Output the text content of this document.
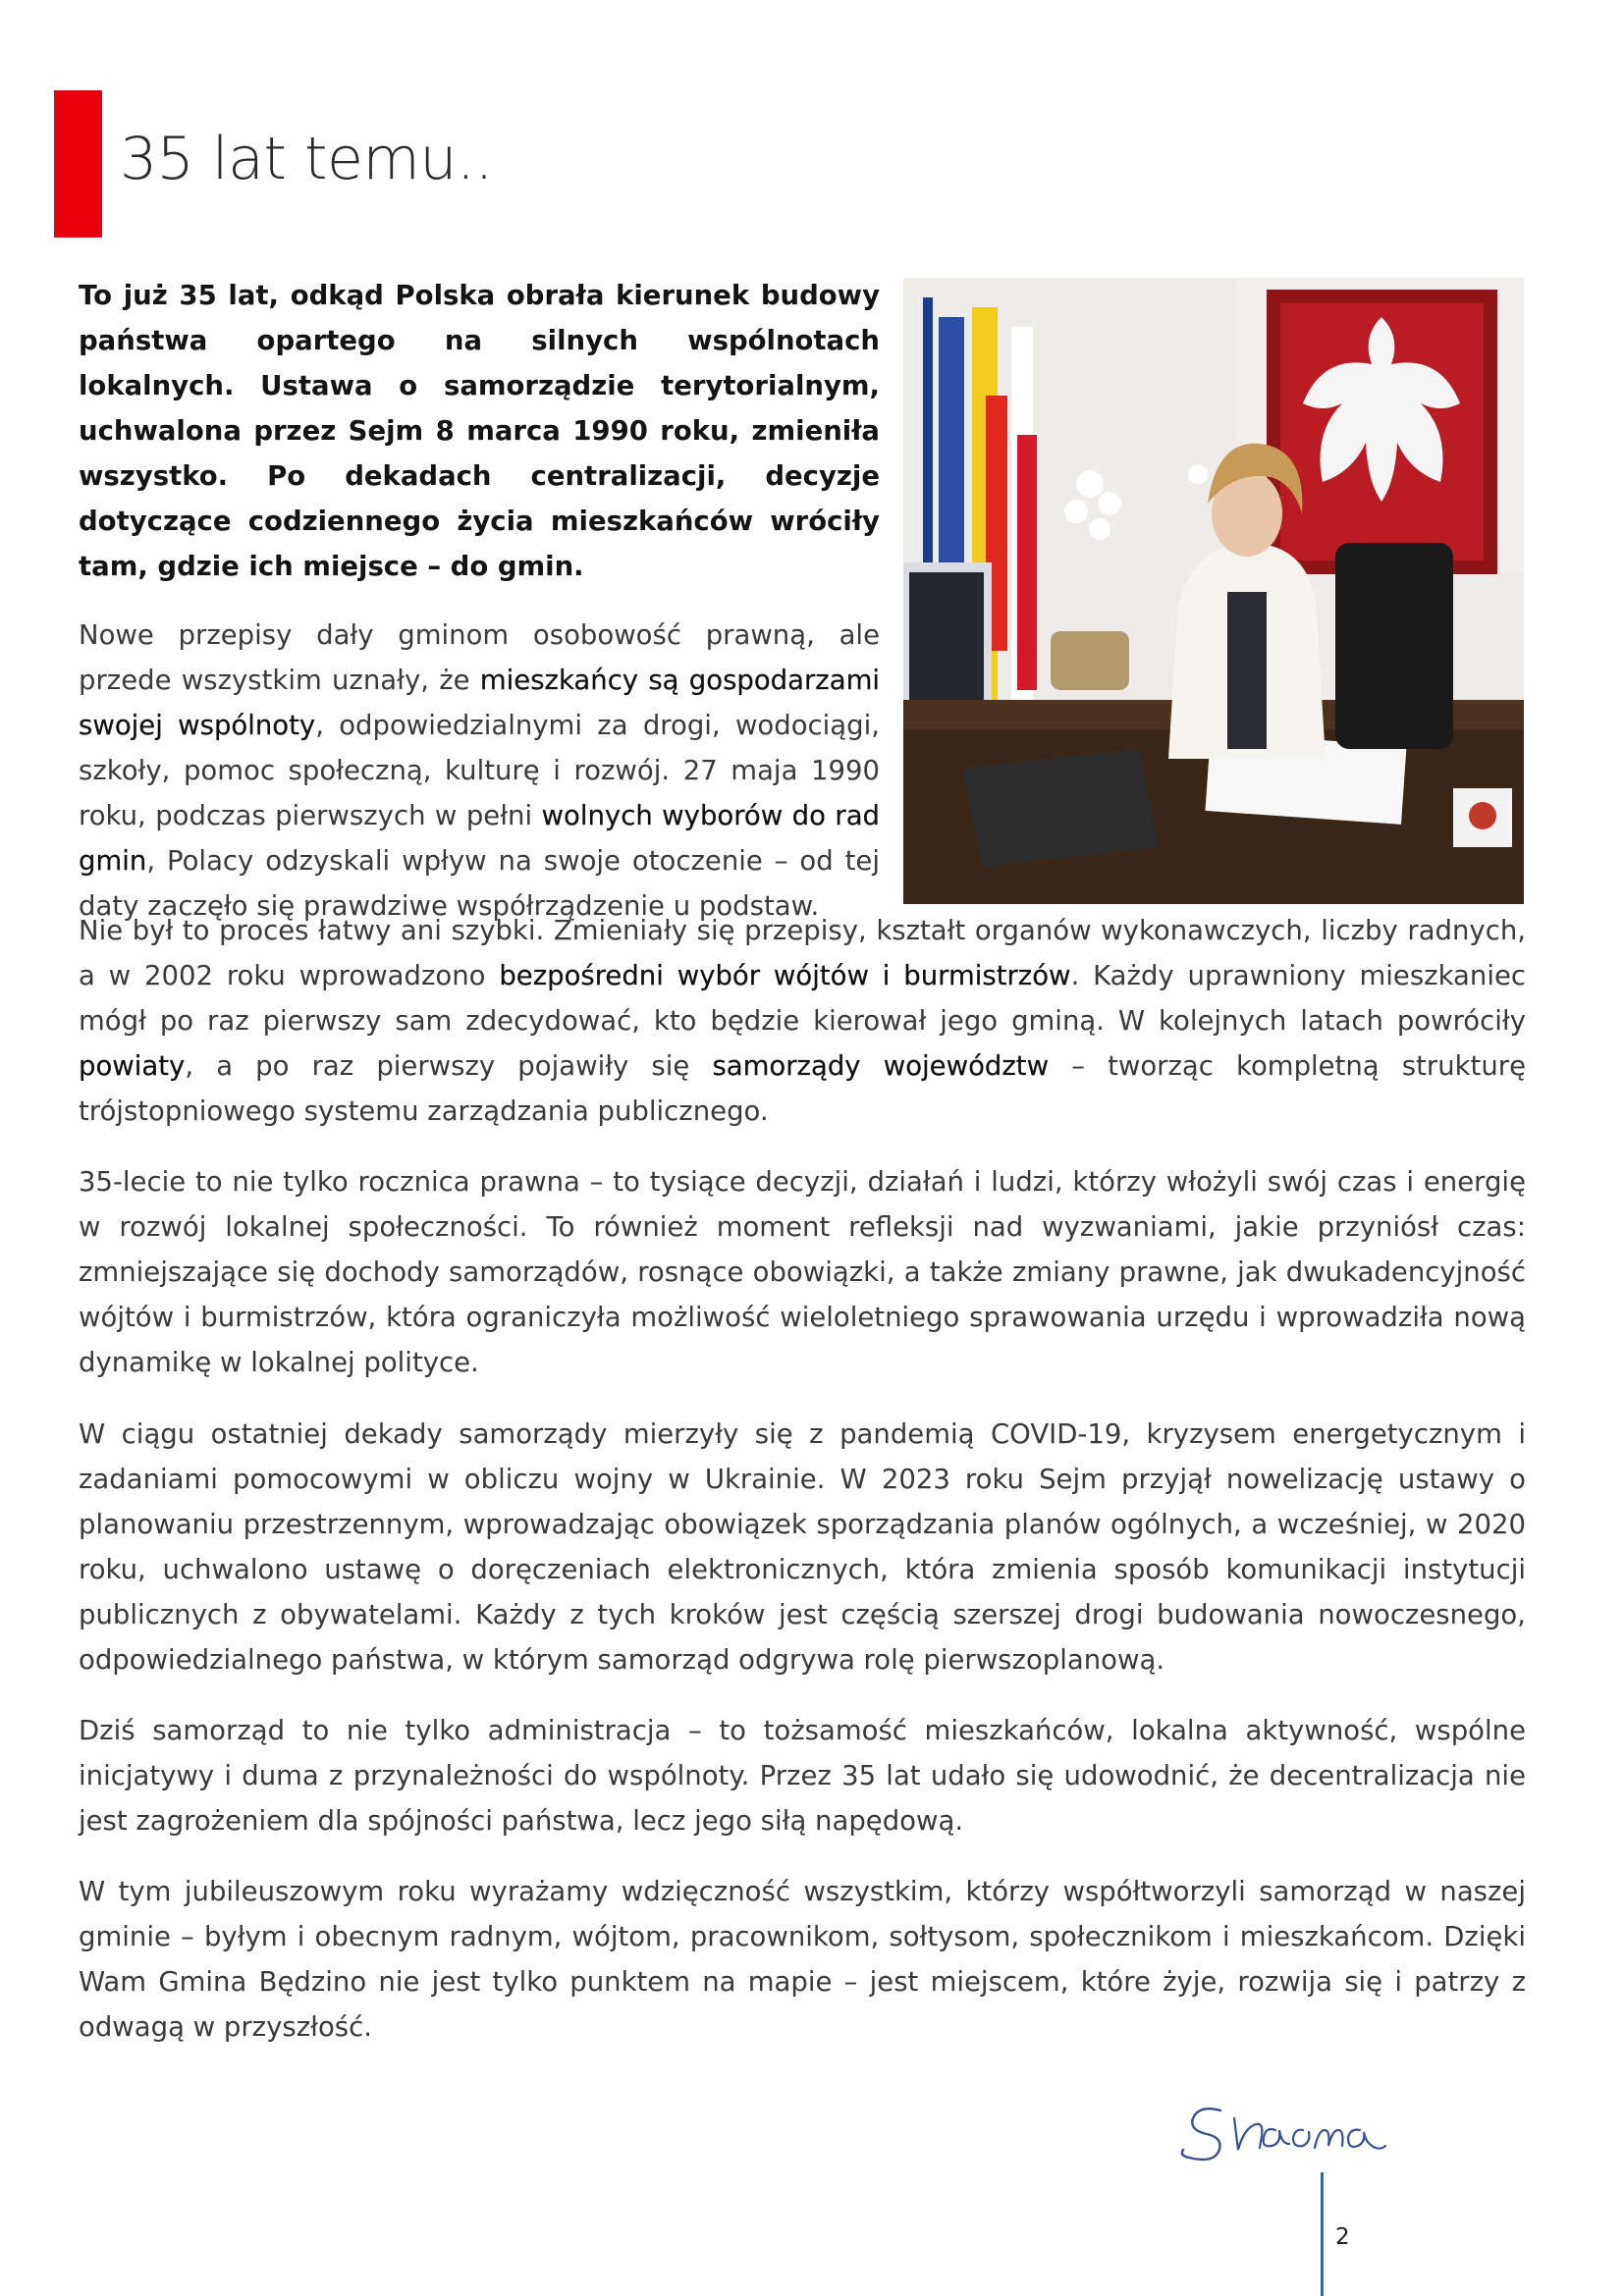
35 lat temu..

To już 35 lat, odkąd Polska obrała kierunek budowy państwa opartego na silnych wspólnotach lokalnych. Ustawa o samorządzie terytorialnym, uchwalona przez Sejm 8 marca 1990 roku, zmieniła wszystko. Po dekadach centralizacji, decyzje dotyczące codziennego życia mieszkańców wróciły tam, gdzie ich miejsce – do gmin.

Nowe przepisy dały gminom osobowość prawną, ale przede wszystkim uznały, że mieszkańcy są gospodarzami swojej wspólnoty, odpowiedzialnymi za drogi, wodociągi, szkoły, pomoc społeczną, kulturę i rozwój. 27 maja 1990 roku, podczas pierwszych w pełni wolnych wyborów do rad gmin, Polacy odzyskali wpływ na swoje otoczenie – od tej daty zaczęło się prawdziwe współrządzenie u podstaw.

Nie był to proces łatwy ani szybki. Zmieniały się przepisy, kształt organów wykonawczych, liczby radnych, a w 2002 roku wprowadzono bezpośredni wybór wójtów i burmistrzów. Każdy uprawniony mieszkaniec mógł po raz pierwszy sam zdecydować, kto będzie kierował jego gminą. W kolejnych latach powróciły powiaty, a po raz pierwszy pojawiły się samorządy województw – tworząc kompletną strukturę trójstopniowego systemu zarządzania publicznego.

35-lecie to nie tylko rocznica prawna – to tysiące decyzji, działań i ludzi, którzy włożyli swój czas i energię w rozwój lokalnej społeczności. To również moment refleksji nad wyzwaniami, jakie przyniósł czas: zmniejszające się dochody samorządów, rosnące obowiązki, a także zmiany prawne, jak dwukadencyjność wójtów i burmistrzów, która ograniczyła możliwość wieloletniego sprawowania urzędu i wprowadziła nową dynamikę w lokalnej polityce.

W ciągu ostatniej dekady samorządy mierzyły się z pandemią COVID-19, kryzysem energetycznym i zadaniami pomocowymi w obliczu wojny w Ukrainie. W 2023 roku Sejm przyjął nowelizację ustawy o planowaniu przestrzennym, wprowadzając obowiązek sporządzania planów ogólnych, a wcześniej, w 2020 roku, uchwalono ustawę o doręczeniach elektronicznych, która zmienia sposób komunikacji instytucji publicznych z obywatelami. Każdy z tych kroków jest częścią szerszej drogi budowania nowoczesnego, odpowiedzialnego państwa, w którym samorząd odgrywa rolę pierwszoplanową.

Dziś samorząd to nie tylko administracja – to tożsamość mieszkańców, lokalna aktywność, wspólne inicjatywy i duma z przynależności do wspólnoty. Przez 35 lat udało się udowodnić, że decentralizacja nie jest zagrożeniem dla spójności państwa, lecz jego siłą napędową.

W tym jubileuszowym roku wyrażamy wdzięczność wszystkim, którzy współtworzyli samorząd w naszej gminie – byłym i obecnym radnym, wójtom, pracownikom, sołtysom, społecznikom i mieszkańcom. Dzięki Wam Gmina Będzino nie jest tylko punktem na mapie – jest miejscem, które żyje, rozwija się i patrzy z odwagą w przyszłość.

2
